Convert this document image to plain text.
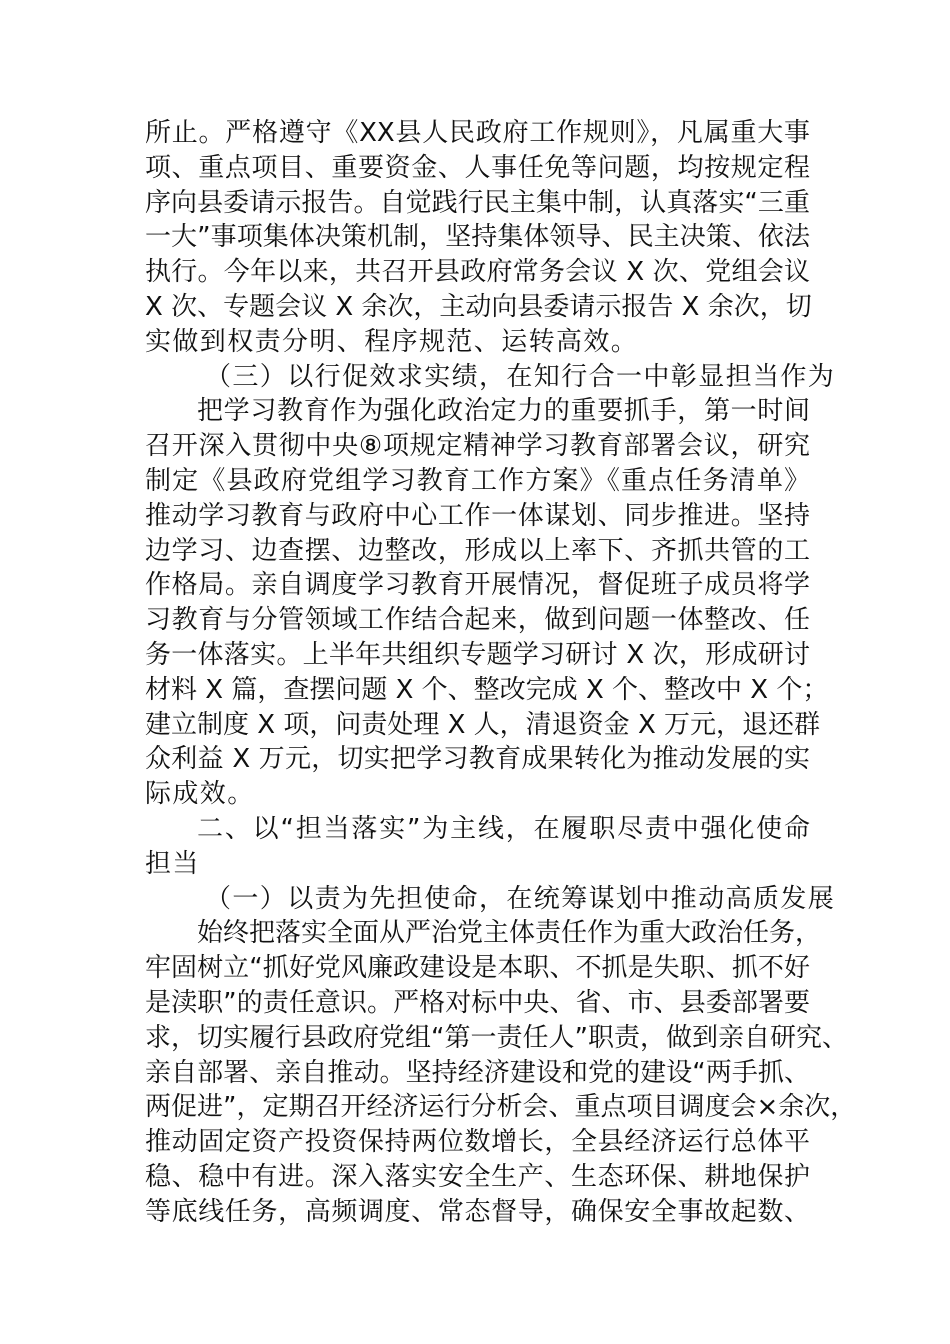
所止。严格遵守《XX县人民政府工作规则》，凡属重大事
项、重点项目、重要资金、人事任免等问题，均按规定程
序向县委请示报告。自觉践行民主集中制，认真落实“三重
一大”事项集体决策机制，坚持集体领导、民主决策、依法
执行。今年以来，共召开县政府常务会议 X 次、党组会议
X 次、专题会议 X 余次，主动向县委请示报告 X 余次，切
实做到权责分明、程序规范、运转高效。
（三）以行促效求实绩，在知行合一中彰显担当作为
把学习教育作为强化政治定力的重要抓手，第一时间
召开深入贯彻中央⑧项规定精神学习教育部署会议，研究
制定《县政府党组学习教育工作方案》《重点任务清单》
推动学习教育与政府中心工作一体谋划、同步推进。坚持
边学习、边查摆、边整改，形成以上率下、齐抓共管的工
作格局。亲自调度学习教育开展情况，督促班子成员将学
习教育与分管领域工作结合起来，做到问题一体整改、任
务一体落实。上半年共组织专题学习研讨 X 次，形成研讨
材料 X 篇，查摆问题 X 个、整改完成 X 个、整改中 X 个；
建立制度 X 项，问责处理 X 人，清退资金 X 万元，退还群
众利益 X 万元，切实把学习教育成果转化为推动发展的实
际成效。
二、以“担当落实”为主线，在履职尽责中强化使命
担当
（一）以责为先担使命，在统筹谋划中推动高质发展
始终把落实全面从严治党主体责任作为重大政治任务，
牢固树立“抓好党风廉政建设是本职、不抓是失职、抓不好
是渎职”的责任意识。严格对标中央、省、市、县委部署要
求，切实履行县政府党组“第一责任人”职责，做到亲自研究、
亲自部署、亲自推动。坚持经济建设和党的建设“两手抓、
两促进”，定期召开经济运行分析会、重点项目调度会×余次，
推动固定资产投资保持两位数增长，全县经济运行总体平
稳、稳中有进。深入落实安全生产、生态环保、耕地保护
等底线任务，高频调度、常态督导，确保安全事故起数、
